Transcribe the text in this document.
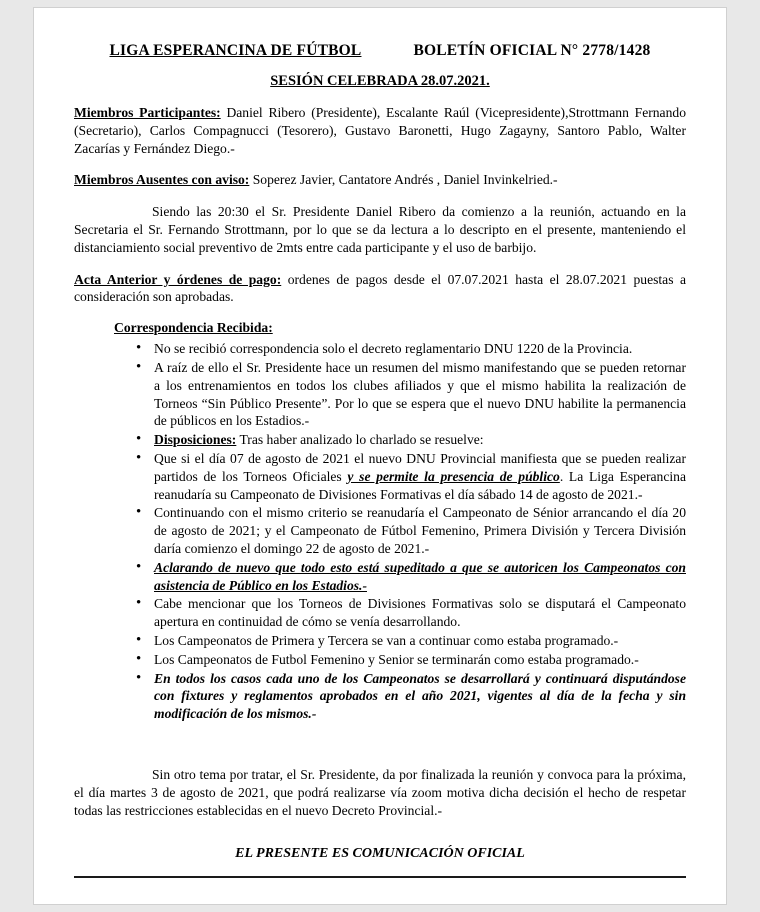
LIGA ESPERANCINA DE FÚTBOL	BOLETÍN OFICIAL N° 2778/1428
SESIÓN CELEBRADA 28.07.2021.

Miembros Participantes: Daniel Ribero (Presidente), Escalante Raúl (Vicepresidente),Strottmann Fernando (Secretario), Carlos Compagnucci (Tesorero), Gustavo Baronetti, Hugo Zagayny, Santoro Pablo, Walter Zacarías y Fernández Diego.-

Miembros Ausentes con aviso: Soperez Javier, Cantatore Andrés , Daniel Invinkelried.-

Siendo las 20:30 el Sr. Presidente Daniel Ribero da comienzo a la reunión, actuando en la Secretaria el Sr. Fernando Strottmann, por lo que se da lectura a lo descripto en el presente, manteniendo el distanciamiento social preventivo de 2mts entre cada participante y el uso de barbijo.

Acta Anterior y órdenes de pago: ordenes de pagos desde el 07.07.2021 hasta el 28.07.2021 puestas a consideración son aprobadas.

Correspondencia Recibida:
• No se recibió correspondencia solo el decreto reglamentario DNU 1220 de la Provincia.
• A raíz de ello el Sr. Presidente hace un resumen del mismo manifestando que se pueden retornar a los entrenamientos en todos los clubes afiliados y que el mismo habilita la realización de Torneos “Sin Público Presente”. Por lo que se espera que el nuevo DNU habilite la permanencia de públicos en los Estadios.-
• Disposiciones: Tras haber analizado lo charlado se resuelve:
• Que si el día 07 de agosto de 2021 el nuevo DNU Provincial manifiesta que se pueden realizar partidos de los Torneos Oficiales y se permite la presencia de público. La Liga Esperancina reanudaría su Campeonato de Divisiones Formativas el día sábado 14 de agosto de 2021.-
• Continuando con el mismo criterio se reanudaría el Campeonato de Sénior arrancando el día 20 de agosto de 2021; y el Campeonato de Fútbol Femenino, Primera División y Tercera División daría comienzo el domingo 22 de agosto de 2021.-
• Aclarando de nuevo que todo esto está supeditado a que se autoricen los Campeonatos con asistencia de Público en los Estadios.-
• Cabe mencionar que los Torneos de Divisiones Formativas solo se disputará el Campeonato apertura en continuidad de cómo se venía desarrollando.
• Los Campeonatos de Primera y Tercera se van a continuar como estaba programado.-
• Los Campeonatos de Futbol Femenino y Senior se terminarán como estaba programado.-
• En todos los casos cada uno de los Campeonatos se desarrollará y continuará disputándose con fixtures y reglamentos aprobados en el año 2021, vigentes al día de la fecha y sin modificación de los mismos.-

Sin otro tema por tratar, el Sr. Presidente, da por finalizada la reunión y convoca para la próxima, el día martes 3 de agosto de 2021, que podrá realizarse vía zoom motiva dicha decisión el hecho de respetar todas las restricciones establecidas en el nuevo Decreto Provincial.-

EL PRESENTE ES COMUNICACIÓN OFICIAL
